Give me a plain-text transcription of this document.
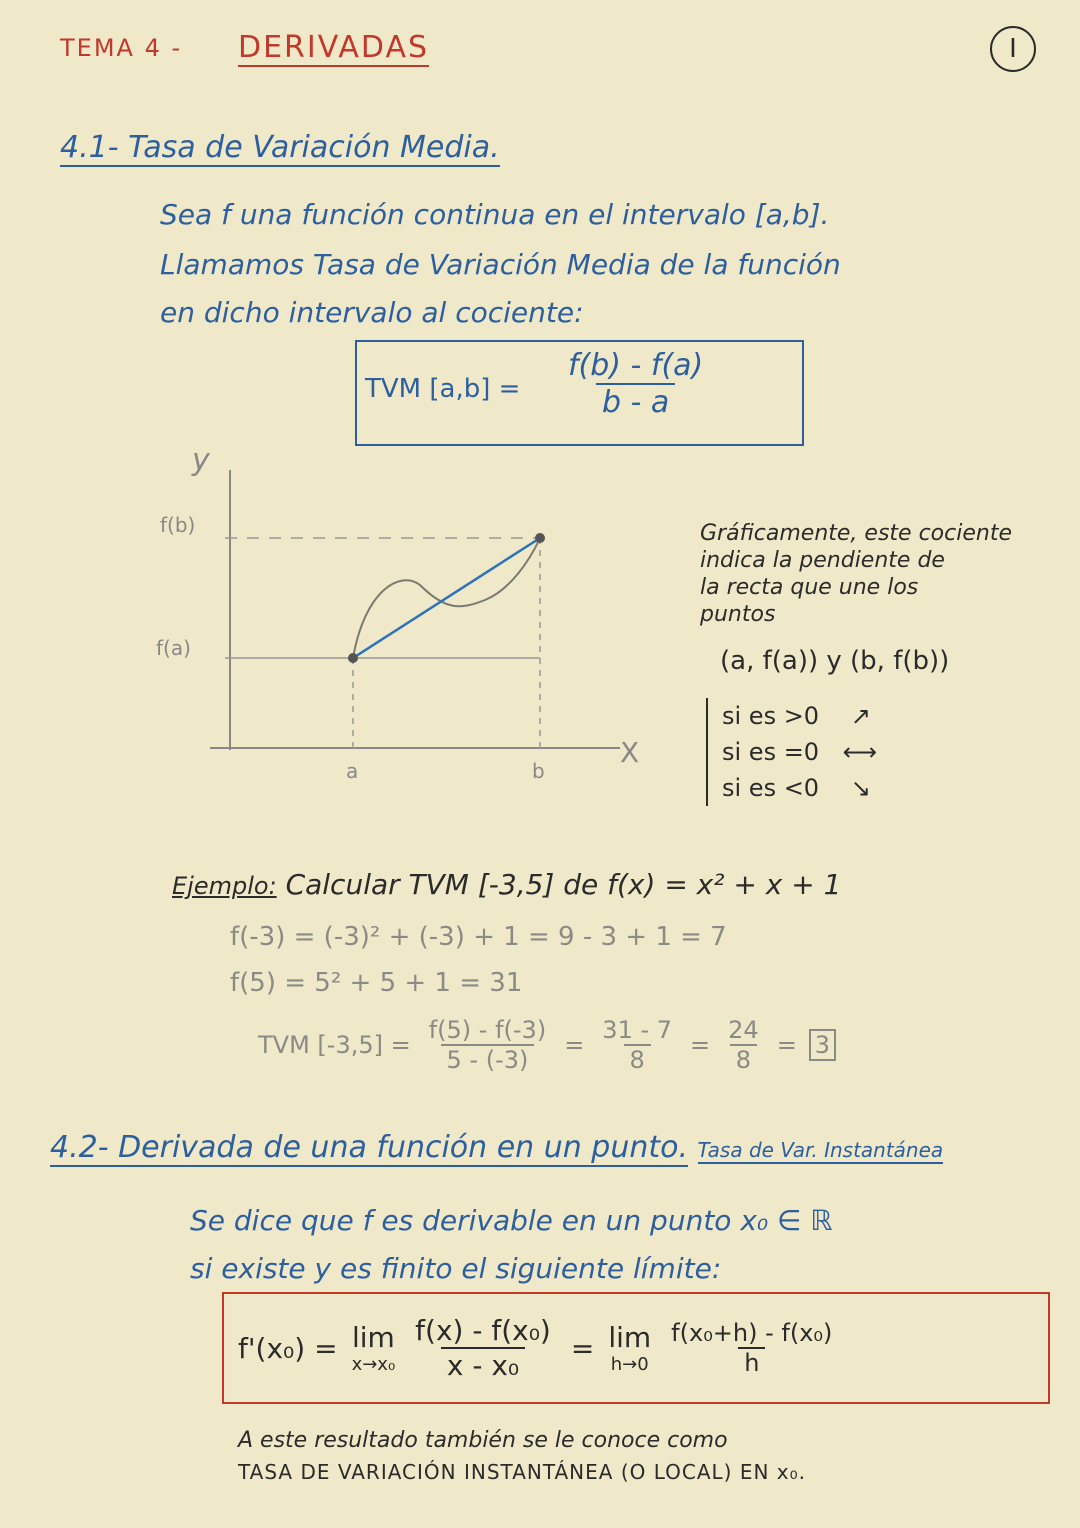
TEMA 4 - DERIVADAS	I
4.1- Tasa de Variación Media.
Sea f una función continua en el intervalo [a,b].
Llamamos Tasa de Variación Media de la función
en dicho intervalo al cociente:
TVM $[a,b] = \frac{f(b) - f(a)}{b - a}$
y
f(b)
f(a)
a	b
X
Gráficamente, este cociente
indica la pendiente de
la recta que une los
puntos
(a, f(a)) y (b, f(b))
si es >0 ↗
si es =0 ⟷
si es <0 ↘
Ejemplo: Calcular TVM [-3,5] de f(x) = x² + x + 1
f(-3) = (-3)² + (-3) + 1 = 9 - 3 + 1 = 7
f(5) = 5² + 5 + 1 = 31
TVM $[-3,5] = \frac{f(5) - f(-3)}{5 - (-3)} = \frac{31 - 7}{8} = \frac{24}{8} = 3$
4.2- Derivada de una función en un punto. Tasa de Var. Instantánea
Se dice que f es derivable en un punto x₀ ∈ ℝ
si existe y es finito el siguiente límite:
f'(x₀) = lim
$x\to x_0 \frac{\text{f(x) - f(x₀)}}{\text{x - x₀}} = \lim$
$h\to 0 \frac{\text{f(x₀+h) - f(x₀)}}{h}$
A este resultado también se le conoce como
TASA DE VARIACIÓN INSTANTÁNEA (O LOCAL) EN x₀.
